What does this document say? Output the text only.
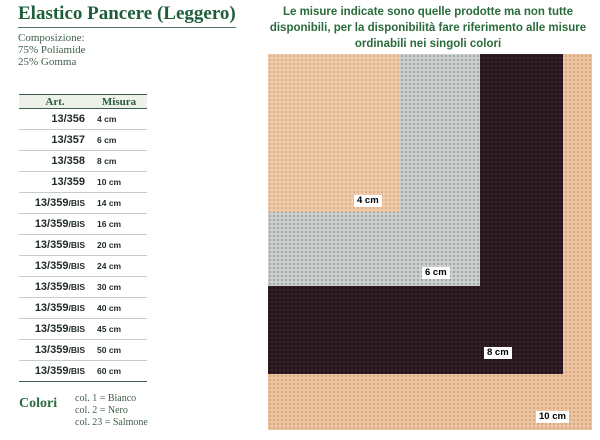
Elastico Pancere (Leggero)
Composizione:
75% Poliamide
25% Gomma
Le misure indicate sono quelle prodotte ma non tutte disponibili, per la disponibilità fare riferimento alle misure ordinabili nei singoli colori
Art.	Misura
13/356	4 cm
13/357	6 cm
13/358	8 cm
13/359	10 cm
13/359/BIS	14 cm
13/359/BIS	16 cm
13/359/BIS	20 cm
13/359/BIS	24 cm
13/359/BIS	30 cm
13/359/BIS	40 cm
13/359/BIS	45 cm
13/359/BIS	50 cm
13/359/BIS	60 cm
Colori col. 1 = Bianco
col. 2 = Nero
col. 23 = Salmone
4 cm
6 cm
8 cm
10 cm
